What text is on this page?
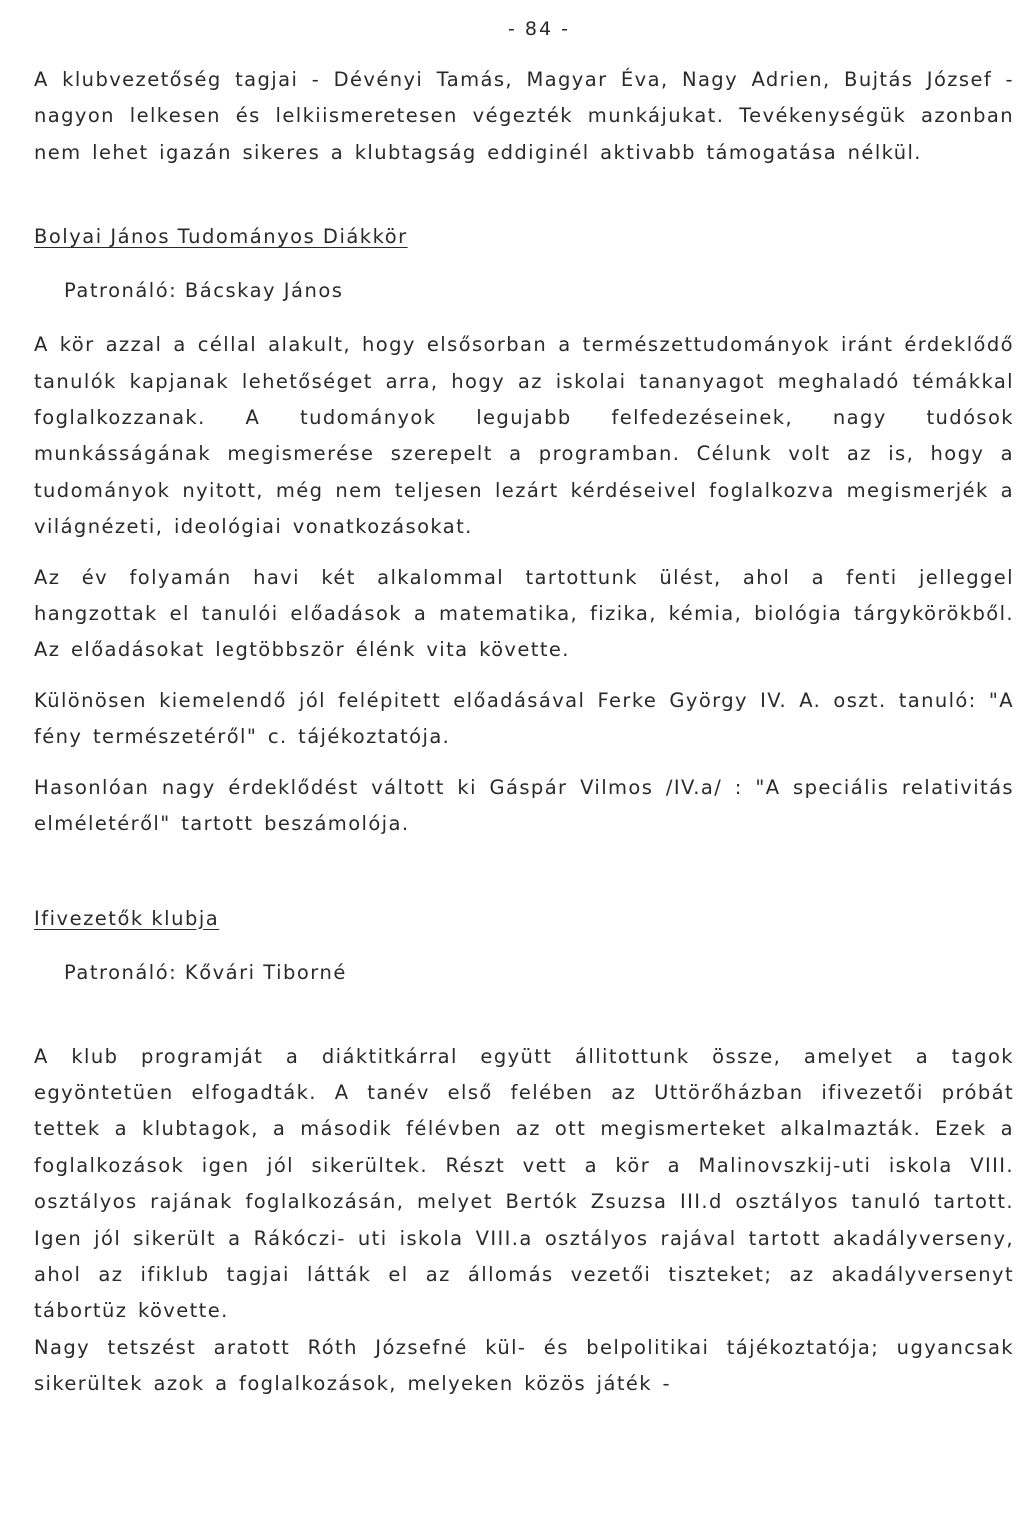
- 84 -

A klubvezetőség tagjai - Dévényi Tamás, Magyar Éva, Nagy Adrien, Bujtás József - nagyon lelkesen és lelkiismeretesen végezték munkájukat. Tevékenységük azonban nem lehet igazán sikeres a klubtagság eddiginél aktivabb támogatása nélkül.

Bolyai János Tudományos Diákkör

Patronáló: Bácskay János

A kör azzal a céllal alakult, hogy elsősorban a természettudományok iránt érdeklődő tanulók kapjanak lehetőséget arra, hogy az iskolai tananyagot meghaladó témákkal foglalkozzanak. A tudományok legujabb felfedezéseinek, nagy tudósok munkásságának megismerése szerepelt a programban. Célunk volt az is, hogy a tudományok nyitott, még nem teljesen lezárt kérdéseivel foglalkozva megismerjék a világnézeti, ideológiai vonatkozásokat.

Az év folyamán havi két alkalommal tartottunk ülést, ahol a fenti jelleggel hangzottak el tanulói előadások a matematika, fizika, kémia, biológia tárgykörökből. Az előadásokat legtöbbször élénk vita követte.

Különösen kiemelendő jól felépitett előadásával Ferke György IV. A. oszt. tanuló: "A fény természetéről" c. tájékoztatója.

Hasonlóan nagy érdeklődést váltott ki Gáspár Vilmos /IV.a/ : "A speciális relativitás elméletéről" tartott beszámolója.

Ifivezetők klubja

Patronáló: Kővári Tiborné

A klub programját a diáktitkárral együtt állitottunk össze, amelyet a tagok egyöntetüen elfogadták. A tanév első felében az Uttörőházban ifivezetői próbát tettek a klubtagok, a második félévben az ott megismerteket alkalmazták. Ezek a foglalkozások igen jól sikerültek. Részt vett a kör a Malinovszkij-uti iskola VIII. osztályos rajának foglalkozásán, melyet Bertók Zsuzsa III.d osztályos tanuló tartott. Igen jól sikerült a Rákóczi- uti iskola VIII.a osztályos rajával tartott akadályverseny, ahol az ifiklub tagjai látták el az állomás vezetői tiszteket; az akadályversenyt tábortüz követte.

Nagy tetszést aratott Róth Józsefné kül- és belpolitikai tájékoztatója; ugyancsak sikerültek azok a foglalkozások, melyeken közös játék -
